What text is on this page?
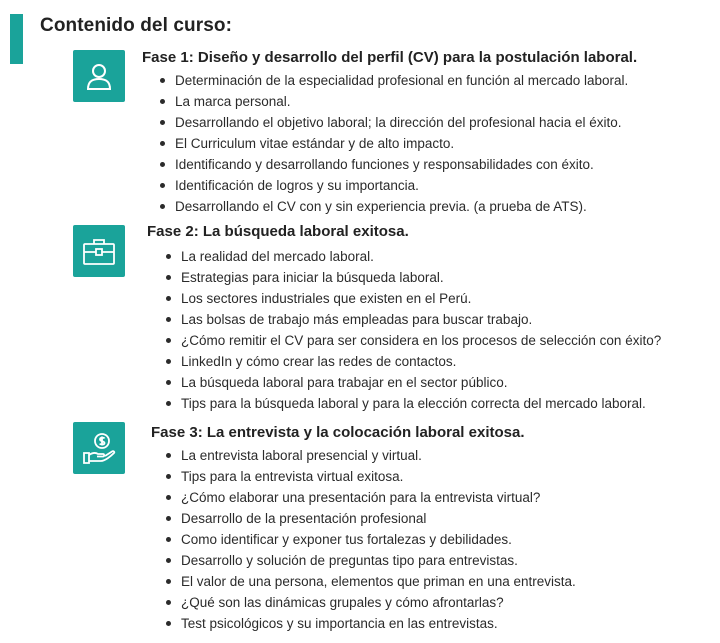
Contenido del curso:
Fase 1: Diseño y desarrollo del perfil (CV) para la postulación laboral.
Determinación de la especialidad profesional en función al mercado laboral.
La marca personal.
Desarrollando el objetivo laboral; la dirección del profesional hacia el éxito.
El Curriculum vitae estándar y de alto impacto.
Identificando y desarrollando funciones y responsabilidades con éxito.
Identificación de logros y su importancia.
Desarrollando el CV con y sin experiencia previa. (a prueba de ATS).
Fase 2: La búsqueda laboral exitosa.
La realidad del mercado laboral.
Estrategias para iniciar la búsqueda laboral.
Los sectores industriales que existen en el Perú.
Las bolsas de trabajo más empleadas para buscar trabajo.
¿Cómo remitir el CV para ser considera en los procesos de selección con éxito?
LinkedIn y cómo crear las redes de contactos.
La búsqueda laboral para trabajar en el sector público.
Tips para la búsqueda laboral y para la elección correcta del mercado laboral.
Fase 3: La entrevista y la colocación laboral exitosa.
La entrevista laboral presencial y virtual.
Tips para la entrevista virtual exitosa.
¿Cómo elaborar una presentación para la entrevista virtual?
Desarrollo de la presentación profesional
Como identificar y exponer tus fortalezas y debilidades.
Desarrollo y solución de preguntas tipo para entrevistas.
El valor de una persona, elementos que priman en una entrevista.
¿Qué son las dinámicas grupales y cómo afrontarlas?
Test psicológicos y su importancia en las entrevistas.
